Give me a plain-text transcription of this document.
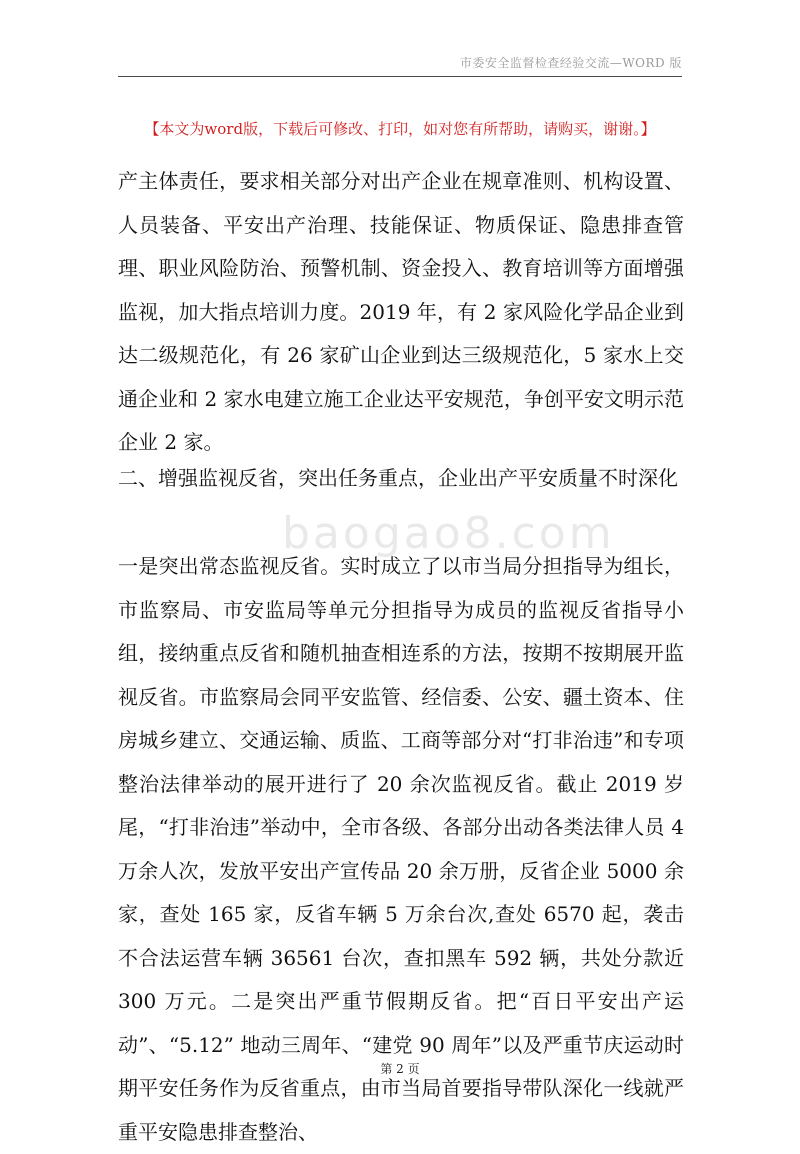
市委安全监督检查经验交流—WORD 版
【本文为word版，下载后可修改、打印，如对您有所帮助，请购买，谢谢。】

产主体责任，要求相关部分对出产企业在规章准则、机构设置、人员装备、平安出产治理、技能保证、物质保证、隐患排查管理、职业风险防治、预警机制、资金投入、教育培训等方面增强监视，加大指点培训力度。2019 年，有 2 家风险化学品企业到达二级规范化，有 26 家矿山企业到达三级规范化，5 家水上交通企业和 2 家水电建立施工企业达平安规范，争创平安文明示范企业 2 家。

二、增强监视反省，突出任务重点，企业出产平安质量不时深化

一是突出常态监视反省。实时成立了以市当局分担指导为组长，市监察局、市安监局等单元分担指导为成员的监视反省指导小组，接纳重点反省和随机抽查相连系的方法，按期不按期展开监视反省。市监察局会同平安监管、经信委、公安、疆土资本、住房城乡建立、交通运输、质监、工商等部分对“打非治违”和专项整治法律举动的展开进行了 20 余次监视反省。截止 2019 岁尾，“打非治违”举动中，全市各级、各部分出动各类法律人员 4 万余人次，发放平安出产宣传品 20 余万册，反省企业 5000 余家，查处 165 家，反省车辆 5 万余台次,查处 6570 起，袭击不合法运营车辆 36561 台次，查扣黑车 592 辆，共处分款近 300 万元。二是突出严重节假期反省。把“百日平安出产运动”、“5.12” 地动三周年、“建党 90 周年”以及严重节庆运动时期平安任务作为反省重点，由市当局首要指导带队深化一线就严重平安隐患排查整治、

baogao8.com
第 2 页
